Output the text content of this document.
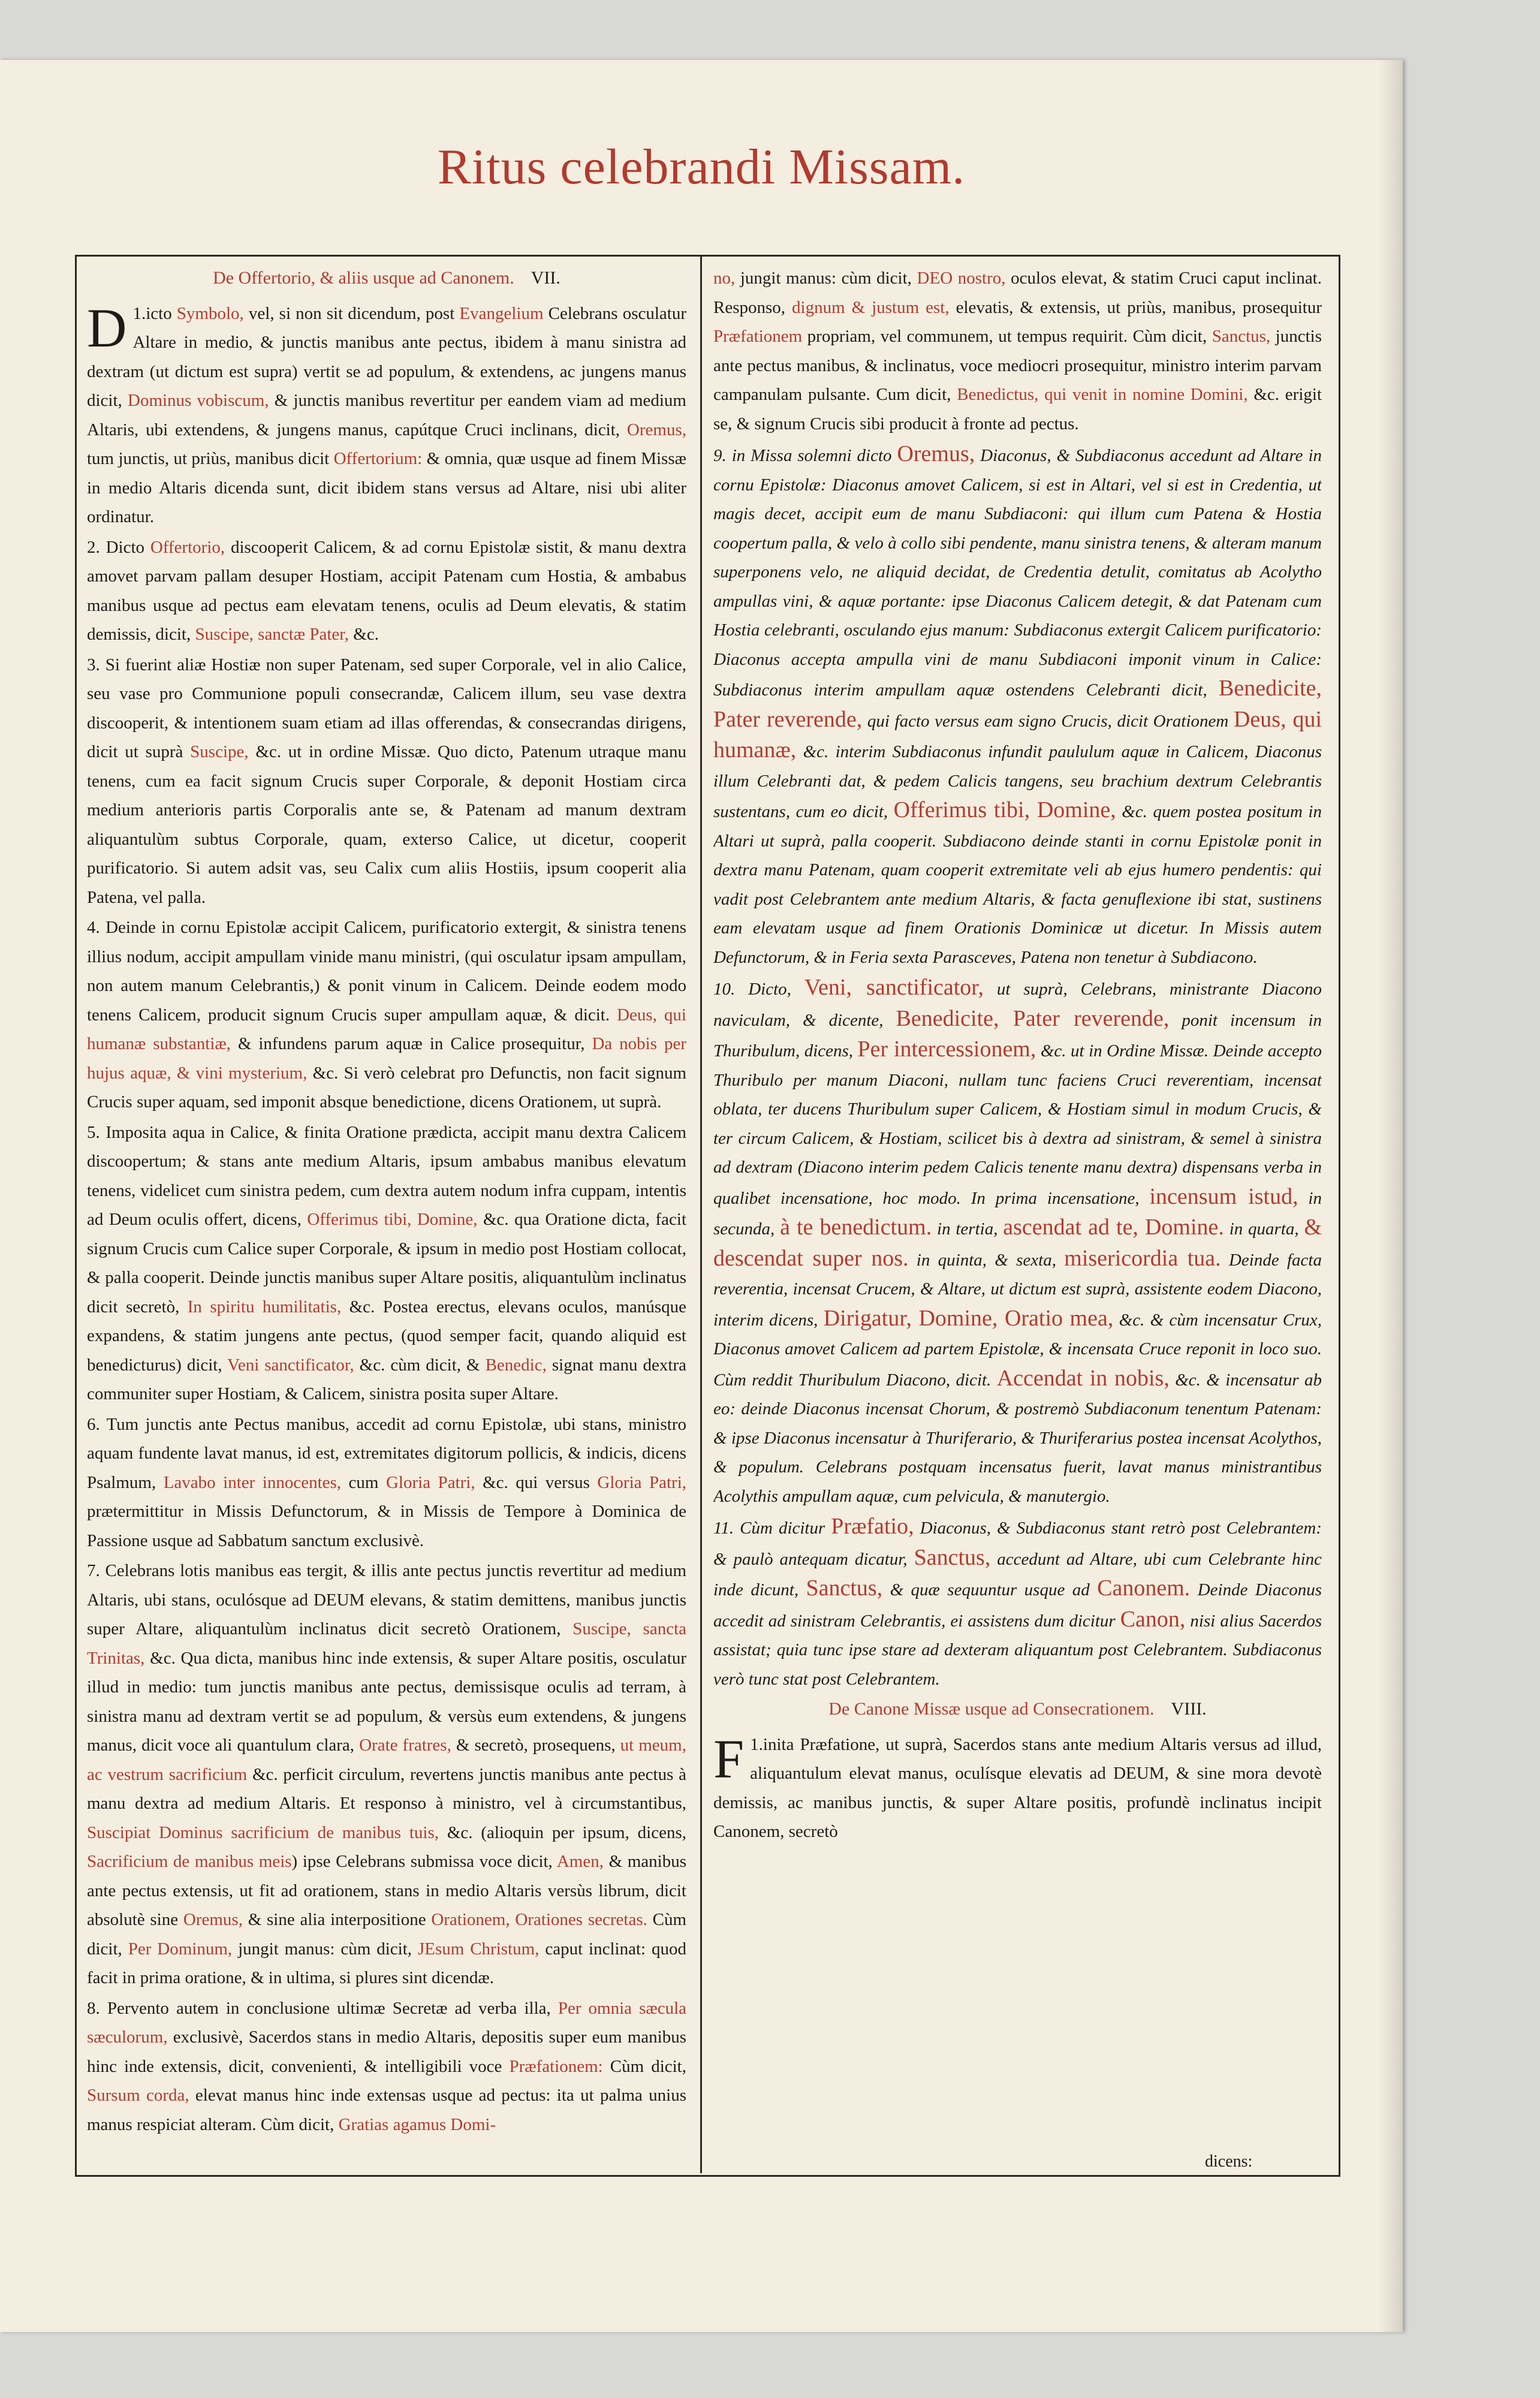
Ritus celebrandi Missam.
De Offertorio, & aliis usque ad Canonem. VII.

1.
D icto Symbolo, vel, si non sit dicendum, post Evangelium Celebrans osculatur Altare in medio, & junctis manibus ante pectus, ibidem à manu sinistra ad dextram (ut dictum est supra) vertit se ad populum, & extendens, ac jungens manus dicit, Dominus vobiscum, & junctis manibus revertitur per eandem viam ad medium Altaris, ubi extendens, & jungens manus, capútque Cruci inclinans, dicit, Oremus, tum junctis, ut priùs, manibus dicit Offertorium: & omnia, quæ usque ad finem Missæ in medio Altaris dicenda sunt, dicit ibidem stans versus ad Altare, nisi ubi aliter ordinatur.

2. Dicto Offertorio, discooperit Calicem, & ad cornu Epistolæ sistit, & manu dextra amovet parvam pallam desuper Hostiam, accipit Patenam cum Hostia, & ambabus manibus usque ad pectus eam elevatam tenens, oculis ad Deum elevatis, & statim demissis, dicit, Suscipe, sanctæ Pater, &c.

3. Si fuerint aliæ Hostiæ non super Patenam, sed super Corporale, vel in alio Calice, seu vase pro Communione populi consecrandæ, Calicem illum, seu vase dextra discooperit, & intentionem suam etiam ad illas offerendas, & consecrandas dirigens, dicit ut suprà Suscipe, &c. ut in ordine Missæ. Quo dicto, Patenum utraque manu tenens, cum ea facit signum Crucis super Corporale, & deponit Hostiam circa medium anterioris partis Corporalis ante se, & Patenam ad manum dextram aliquantulùm subtus Corporale, quam, exterso Calice, ut dicetur, cooperit purificatorio. Si autem adsit vas, seu Calix cum aliis Hostiis, ipsum cooperit alia Patena, vel palla.

4. Deinde in cornu Epistolæ accipit Calicem, purificatorio extergit, & sinistra tenens illius nodum, accipit ampullam vinide manu ministri, (qui osculatur ipsam ampullam, non autem manum Celebrantis,) & ponit vinum in Calicem. Deinde eodem modo tenens Calicem, producit signum Crucis super ampullam aquæ, & dicit. Deus, qui humanæ substantiæ, & infundens parum aquæ in Calice prosequitur, Da nobis per hujus aquæ, & vini mysterium, &c. Si verò celebrat pro Defunctis, non facit signum Crucis super aquam, sed imponit absque benedictione, dicens Orationem, ut suprà.

5. Imposita aqua in Calice, & finita Oratione prædicta, accipit manu dextra Calicem discoopertum; & stans ante medium Altaris, ipsum ambabus manibus elevatum tenens, videlicet cum sinistra pedem, cum dextra autem nodum infra cuppam, intentis ad Deum oculis offert, dicens, Offerimus tibi, Domine, &c. qua Oratione dicta, facit signum Crucis cum Calice super Corporale, & ipsum in medio post Hostiam collocat, & palla cooperit. Deinde junctis manibus super Altare positis, aliquantulùm inclinatus dicit secretò, In spiritu humilitatis, &c. Postea erectus, elevans oculos, manúsque expandens, & statim jungens ante pectus, (quod semper facit, quando aliquid est benedicturus) dicit, Veni sanctificator, &c. cùm dicit, & Benedic, signat manu dextra communiter super Hostiam, & Calicem, sinistra posita super Altare.

6. Tum junctis ante Pectus manibus, accedit ad cornu Epistolæ, ubi stans, ministro aquam fundente lavat manus, id est, extremitates digitorum pollicis, & indicis, dicens Psalmum, Lavabo inter innocentes, cum Gloria Patri, &c. qui versus Gloria Patri, prætermittitur in Missis Defunctorum, & in Missis de Tempore à Dominica de Passione usque ad Sabbatum sanctum exclusivè.

7. Celebrans lotis manibus eas tergit, & illis ante pectus junctis revertitur ad medium Altaris, ubi stans, oculósque ad DEUM elevans, & statim demittens, manibus junctis super Altare, aliquantulùm inclinatus dicit secretò Orationem, Suscipe, sancta Trinitas, &c. Qua dicta, manibus hinc inde extensis, & super Altare positis, osculatur illud in medio: tum junctis manibus ante pectus, demissisque oculis ad terram, à sinistra manu ad dextram vertit se ad populum, & versùs eum extendens, & jungens manus, dicit voce ali quantulum clara, Orate fratres, & secretò, prosequens, ut meum, ac vestrum sacrificium &c. perficit circulum, revertens junctis manibus ante pectus à manu dextra ad medium Altaris. Et responso à ministro, vel à circumstantibus, Suscipiat Dominus sacrificium de manibus tuis, &c. (alioquin per ipsum, dicens, Sacrificium de manibus meis) ipse Celebrans submissa voce dicit, Amen, & manibus ante pectus extensis, ut fit ad orationem, stans in medio Altaris versùs librum, dicit absolutè sine Oremus, & sine alia interpositione Orationem, Orationes secretas. Cùm dicit, Per Dominum, jungit manus: cùm dicit, JEsum Christum, caput inclinat: quod facit in prima oratione, & in ultima, si plures sint dicendæ.

8. Pervento autem in conclusione ultimæ Secretæ ad verba illa, Per omnia sæcula sæculorum, exclusivè, Sacerdos stans in medio Altaris, depositis super eum manibus hinc inde extensis, dicit, convenienti, & intelligibili voce Præfationem: Cùm dicit, Sursum corda, elevat manus hinc inde extensas usque ad pectus: ita ut palma unius manus respiciat alteram. Cùm dicit, Gratias agamus Domi-

no, jungit manus: cùm dicit, DEO nostro, oculos elevat, & statim Cruci caput inclinat. Responso, dignum & justum est, elevatis, & extensis, ut priùs, manibus, prosequitur Præfationem propriam, vel communem, ut tempus requirit. Cùm dicit, Sanctus, junctis ante pectus manibus, & inclinatus, voce mediocri prosequitur, ministro interim parvam campanulam pulsante. Cum dicit, Benedictus, qui venit in nomine Domini, &c. erigit se, & signum Crucis sibi producit à fronte ad pectus.

9. in Missa solemni dicto Oremus, Diaconus, & Subdiaconus accedunt ad Altare in cornu Epistolæ: Diaconus amovet Calicem, si est in Altari, vel si est in Credentia, ut magis decet, accipit eum de manu Subdiaconi: qui illum cum Patena & Hostia coopertum palla, & velo à collo sibi pendente, manu sinistra tenens, & alteram manum superponens velo, ne aliquid decidat, de Credentia detulit, comitatus ab Acolytho ampullas vini, & aquæ portante: ipse Diaconus Calicem detegit, & dat Patenam cum Hostia celebranti, osculando ejus manum: Subdiaconus extergit Calicem purificatorio: Diaconus accepta ampulla vini de manu Subdiaconi imponit vinum in Calice: Subdiaconus interim ampullam aquæ ostendens Celebranti dicit, Benedicite, Pater reverende, qui facto versus eam signo Crucis, dicit Orationem Deus, qui humanæ, &c. interim Subdiaconus infundit paululum aquæ in Calicem, Diaconus illum Celebranti dat, & pedem Calicis tangens, seu brachium dextrum Celebrantis sustentans, cum eo dicit, Offerimus tibi, Domine, &c. quem postea positum in Altari ut suprà, palla cooperit. Subdiacono deinde stanti in cornu Epistolæ ponit in dextra manu Patenam, quam cooperit extremitate veli ab ejus humero pendentis: qui vadit post Celebrantem ante medium Altaris, & facta genuflexione ibi stat, sustinens eam elevatam usque ad finem Orationis Dominicæ ut dicetur. In Missis autem Defunctorum, & in Feria sexta Parasceves, Patena non tenetur à Subdiacono.

10. Dicto, Veni, sanctificator, ut suprà, Celebrans, ministrante Diacono naviculam, & dicente, Benedicite, Pater reverende, ponit incensum in Thuribulum, dicens, Per intercessionem, &c. ut in Ordine Missæ. Deinde accepto Thuribulo per manum Diaconi, nullam tunc faciens Cruci reverentiam, incensat oblata, ter ducens Thuribulum super Calicem, & Hostiam simul in modum Crucis, & ter circum Calicem, & Hostiam, scilicet bis à dextra ad sinistram, & semel à sinistra ad dextram (Diacono interim pedem Calicis tenente manu dextra) dispensans verba in qualibet incensatione, hoc modo. In prima incensatione, incensum istud, in secunda, à te benedictum. in tertia, ascendat ad te, Domine. in quarta, & descendat super nos. in quinta, & sexta, misericordia tua. Deinde facta reverentia, incensat Crucem, & Altare, ut dictum est suprà, assistente eodem Diacono, interim dicens, Dirigatur, Domine, Oratio mea, &c. & cùm incensatur Crux, Diaconus amovet Calicem ad partem Epistolæ, & incensata Cruce reponit in loco suo. Cùm reddit Thuribulum Diacono, dicit. Accendat in nobis, &c. & incensatur ab eo: deinde Diaconus incensat Chorum, & postremò Subdiaconum tenentum Patenam: & ipse Diaconus incensatur à Thuriferario, & Thuriferarius postea incensat Acolythos, & populum. Celebrans postquam incensatus fuerit, lavat manus ministrantibus Acolythis ampullam aquæ, cum pelvicula, & manutergio.

11. Cùm dicitur Præfatio, Diaconus, & Subdiaconus stant retrò post Celebrantem: & paulò antequam dicatur, Sanctus, accedunt ad Altare, ubi cum Celebrante hinc inde dicunt, Sanctus, & quæ sequuntur usque ad Canonem. Deinde Diaconus accedit ad sinistram Celebrantis, ei assistens dum dicitur Canon, nisi alius Sacerdos assistat; quia tunc ipse stare ad dexteram aliquantum post Celebrantem. Subdiaconus verò tunc stat post Celebrantem.

De Canone Missæ usque ad Consecrationem. VIII.

1.
F inita Præfatione, ut suprà, Sacerdos stans ante medium Altaris versus ad illud, aliquantulum elevat manus, oculísque elevatis ad DEUM, & sine mora devotè demissis, ac manibus junctis, & super Altare positis, profundè inclinatus incipit Canonem, secretò

dicens:
